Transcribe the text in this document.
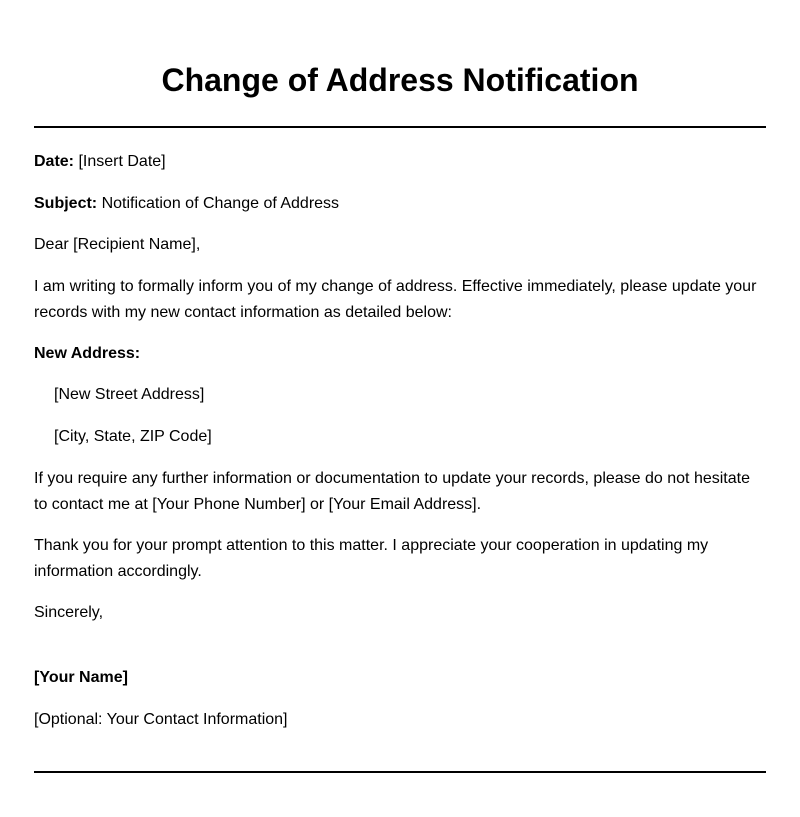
Change of Address Notification

Date: [Insert Date]

Subject: Notification of Change of Address

Dear [Recipient Name],

I am writing to formally inform you of my change of address. Effective immediately, please update your records with my new contact information as detailed below:

New Address:

[New Street Address]

[City, State, ZIP Code]

If you require any further information or documentation to update your records, please do not hesitate to contact me at [Your Phone Number] or [Your Email Address].

Thank you for your prompt attention to this matter. I appreciate your cooperation in updating my information accordingly.

Sincerely,

[Your Name]

[Optional: Your Contact Information]
